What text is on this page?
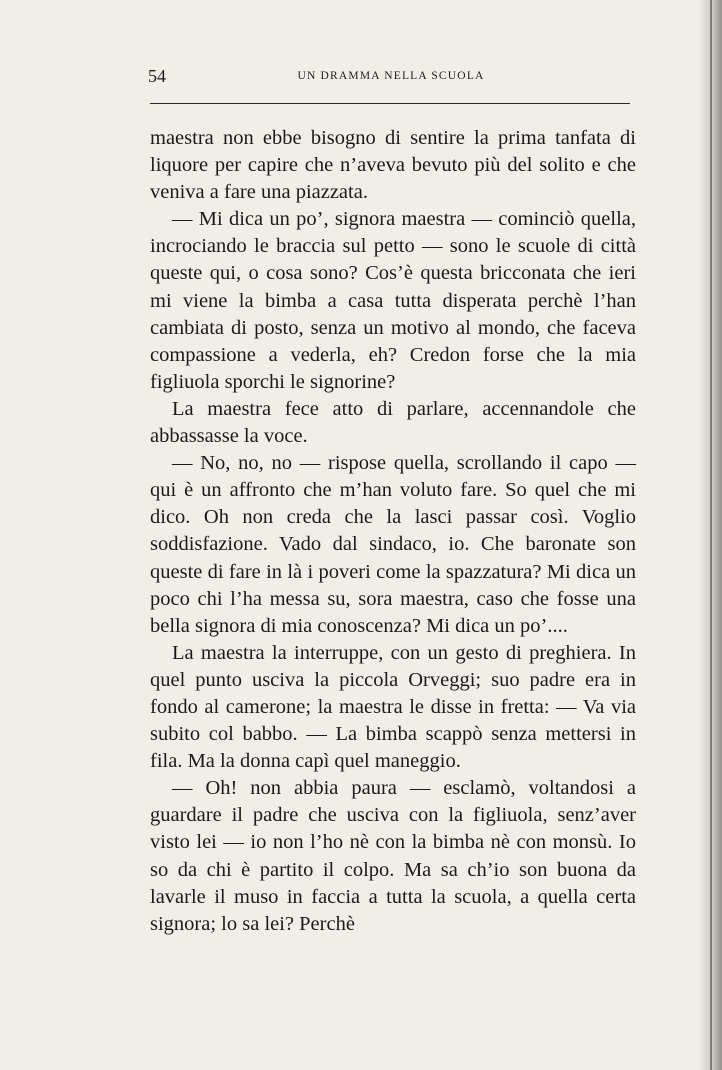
54	UN DRAMMA NELLA SCUOLA

maestra non ebbe bisogno di sentire la prima tanfata di liquore per capire che n’aveva bevuto più del solito e che veniva a fare una piazzata.

— Mi dica un po’, signora maestra — cominciò quella, incrociando le braccia sul petto — sono le scuole di città queste qui, o cosa sono? Cos’è questa bricconata che ieri mi viene la bimba a casa tutta disperata perchè l’han cambiata di posto, senza un motivo al mondo, che faceva compassione a vederla, eh? Credon forse che la mia figliuola sporchi le signorine?

La maestra fece atto di parlare, accennandole che abbassasse la voce.

— No, no, no — rispose quella, scrollando il capo — qui è un affronto che m’han voluto fare. So quel che mi dico. Oh non creda che la lasci passar così. Voglio soddisfazione. Vado dal sindaco, io. Che baronate son queste di fare in là i poveri come la spazzatura? Mi dica un poco chi l’ha messa su, sora maestra, caso che fosse una bella signora di mia conoscenza? Mi dica un po’....

La maestra la interruppe, con un gesto di preghiera. In quel punto usciva la piccola Orveggi; suo padre era in fondo al camerone; la maestra le disse in fretta: — Va via subito col babbo. — La bimba scappò senza mettersi in fila. Ma la donna capì quel maneggio.

— Oh! non abbia paura — esclamò, voltandosi a guardare il padre che usciva con la figliuola, senz’aver visto lei — io non l’ho nè con la bimba nè con monsù. Io so da chi è partito il colpo. Ma sa ch’io son buona da lavarle il muso in faccia a tutta la scuola, a quella certa signora; lo sa lei? Perchè
